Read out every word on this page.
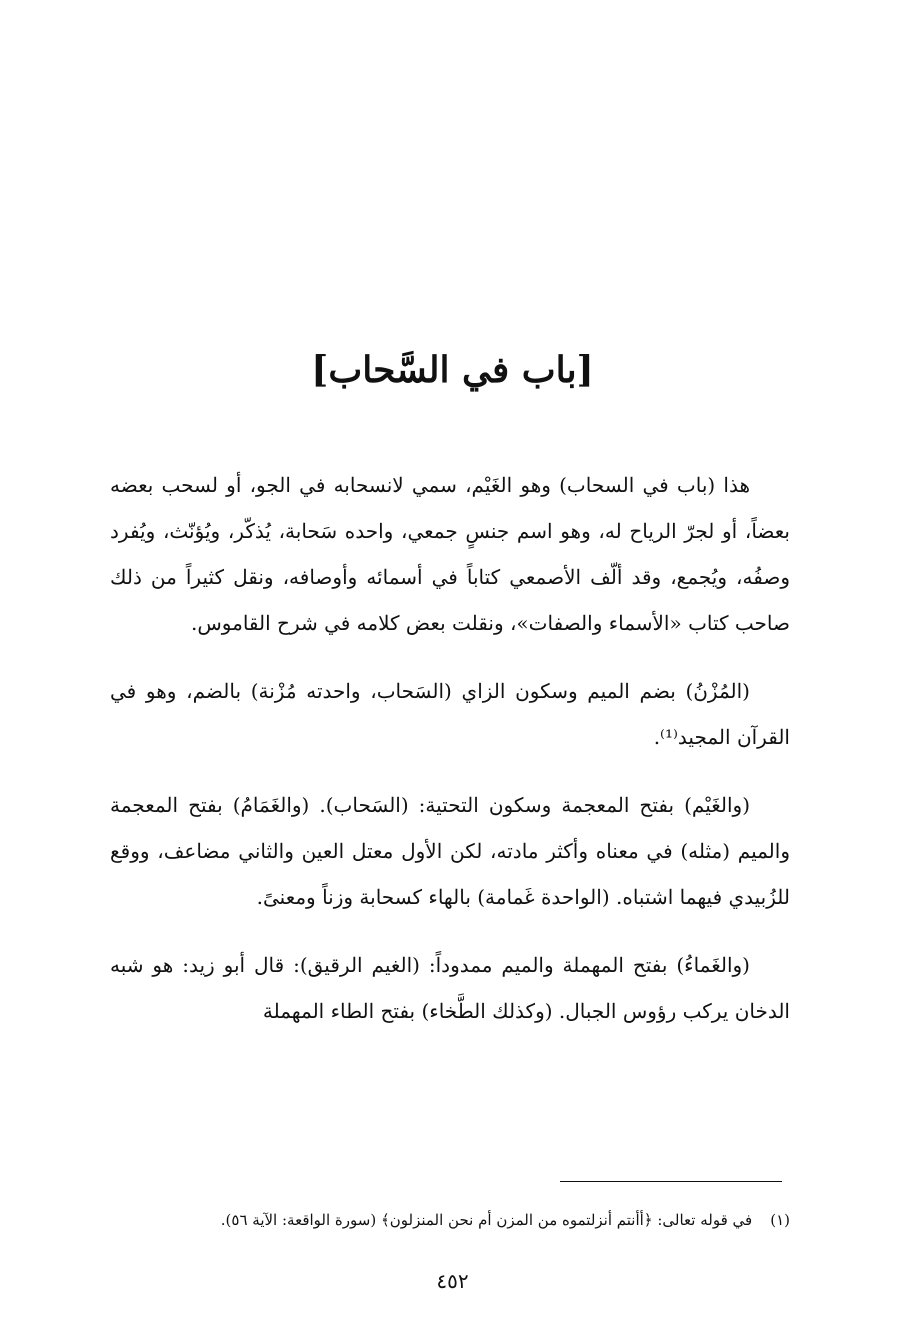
[باب في السَّحاب]

هذا (باب في السحاب) وهو الغَيْم، سمي لانسحابه في الجو، أو لسحب بعضه بعضاً، أو لجرّ الرياح له، وهو اسم جنسٍ جمعي، واحده سَحابة، يُذكّر، ويُؤنّث، ويُفرد وصفُه، ويُجمع، وقد ألّف الأصمعي كتاباً في أسمائه وأوصافه، ونقل كثيراً من ذلك صاحب كتاب «الأسماء والصفات»، ونقلت بعض كلامه في شرح القاموس.

(المُزْنُ) بضم الميم وسكون الزاي (السَحاب، واحدته مُزْنة) بالضم، وهو في القرآن المجيد⁽¹⁾.

(والغَيْم) بفتح المعجمة وسكون التحتية: (السَحاب). (والغَمَامُ) بفتح المعجمة والميم (مثله) في معناه وأكثر مادته، لكن الأول معتل العين والثاني مضاعف، ووقع للزُبيدي فيهما اشتباه. (الواحدة غَمامة) بالهاء كسحابة وزناً ومعنىً.

(والغَماءُ) بفتح المهملة والميم ممدوداً: (الغيم الرقيق): قال أبو زيد: هو شبه الدخان يركب رؤوس الجبال. (وكذلك الطَّخاء) بفتح الطاء المهملة

(١)في قوله تعالى: ﴿أأنتم أنزلتموه من المزن أم نحن المنزلون﴾ (سورة الواقعة: الآية ٥٦).
٤٥٢
